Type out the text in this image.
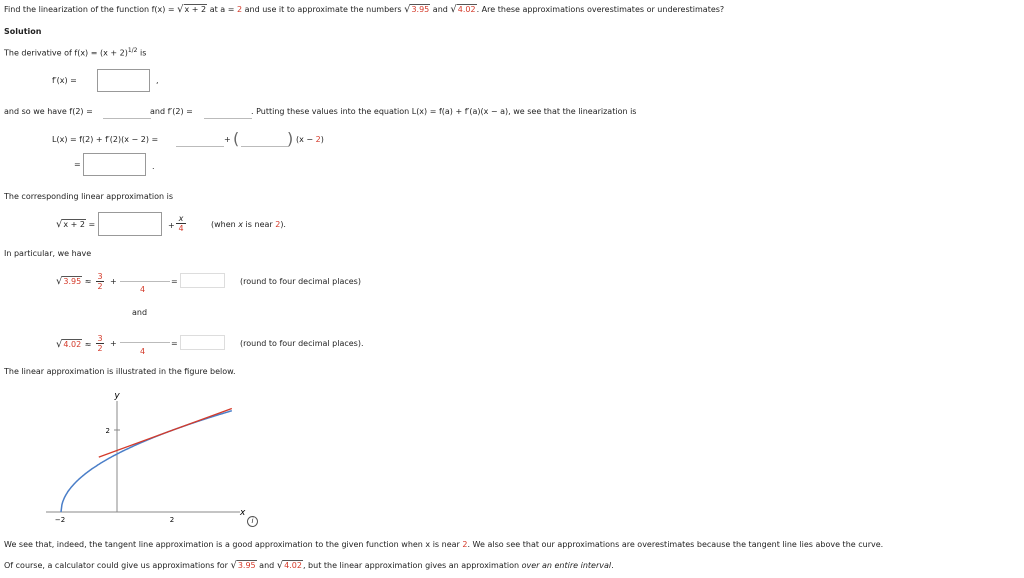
Find the linearization of the function f(x) = √x + 2 at a = 2 and use it to approximate the numbers √3.95 and √4.02. Are these approximations overestimates or underestimates?
Solution
The derivative of $f(x) = (x + 2)^{1/2}$ is
f′(x) =	,
and so we have f(2) =	and f′(2) =	. Putting these values into the equation L(x) = f(a) + f′(a)(x − a), we see that the linearization is
L(x) = f(2) + f′(2)(x − 2) =	+ (	) (x − 2)
=	.
The corresponding linear approximation is
√x + 2 =	+
x
4	(when x is near 2).
In particular, we have
√3.95 ≈
3
2
+
4
=	(round to four decimal places)
and
√4.02 ≈
3
2
+
4
=	(round to four decimal places).
The linear approximation is illustrated in the figure below.
y
x
2
−2	2	i
We see that, indeed, the tangent line approximation is a good approximation to the given function when x is near 2. We also see that our approximations are overestimates because the tangent line lies above the curve.
Of course, a calculator could give us approximations for √3.95 and √4.02, but the linear approximation gives an approximation over an entire interval.
